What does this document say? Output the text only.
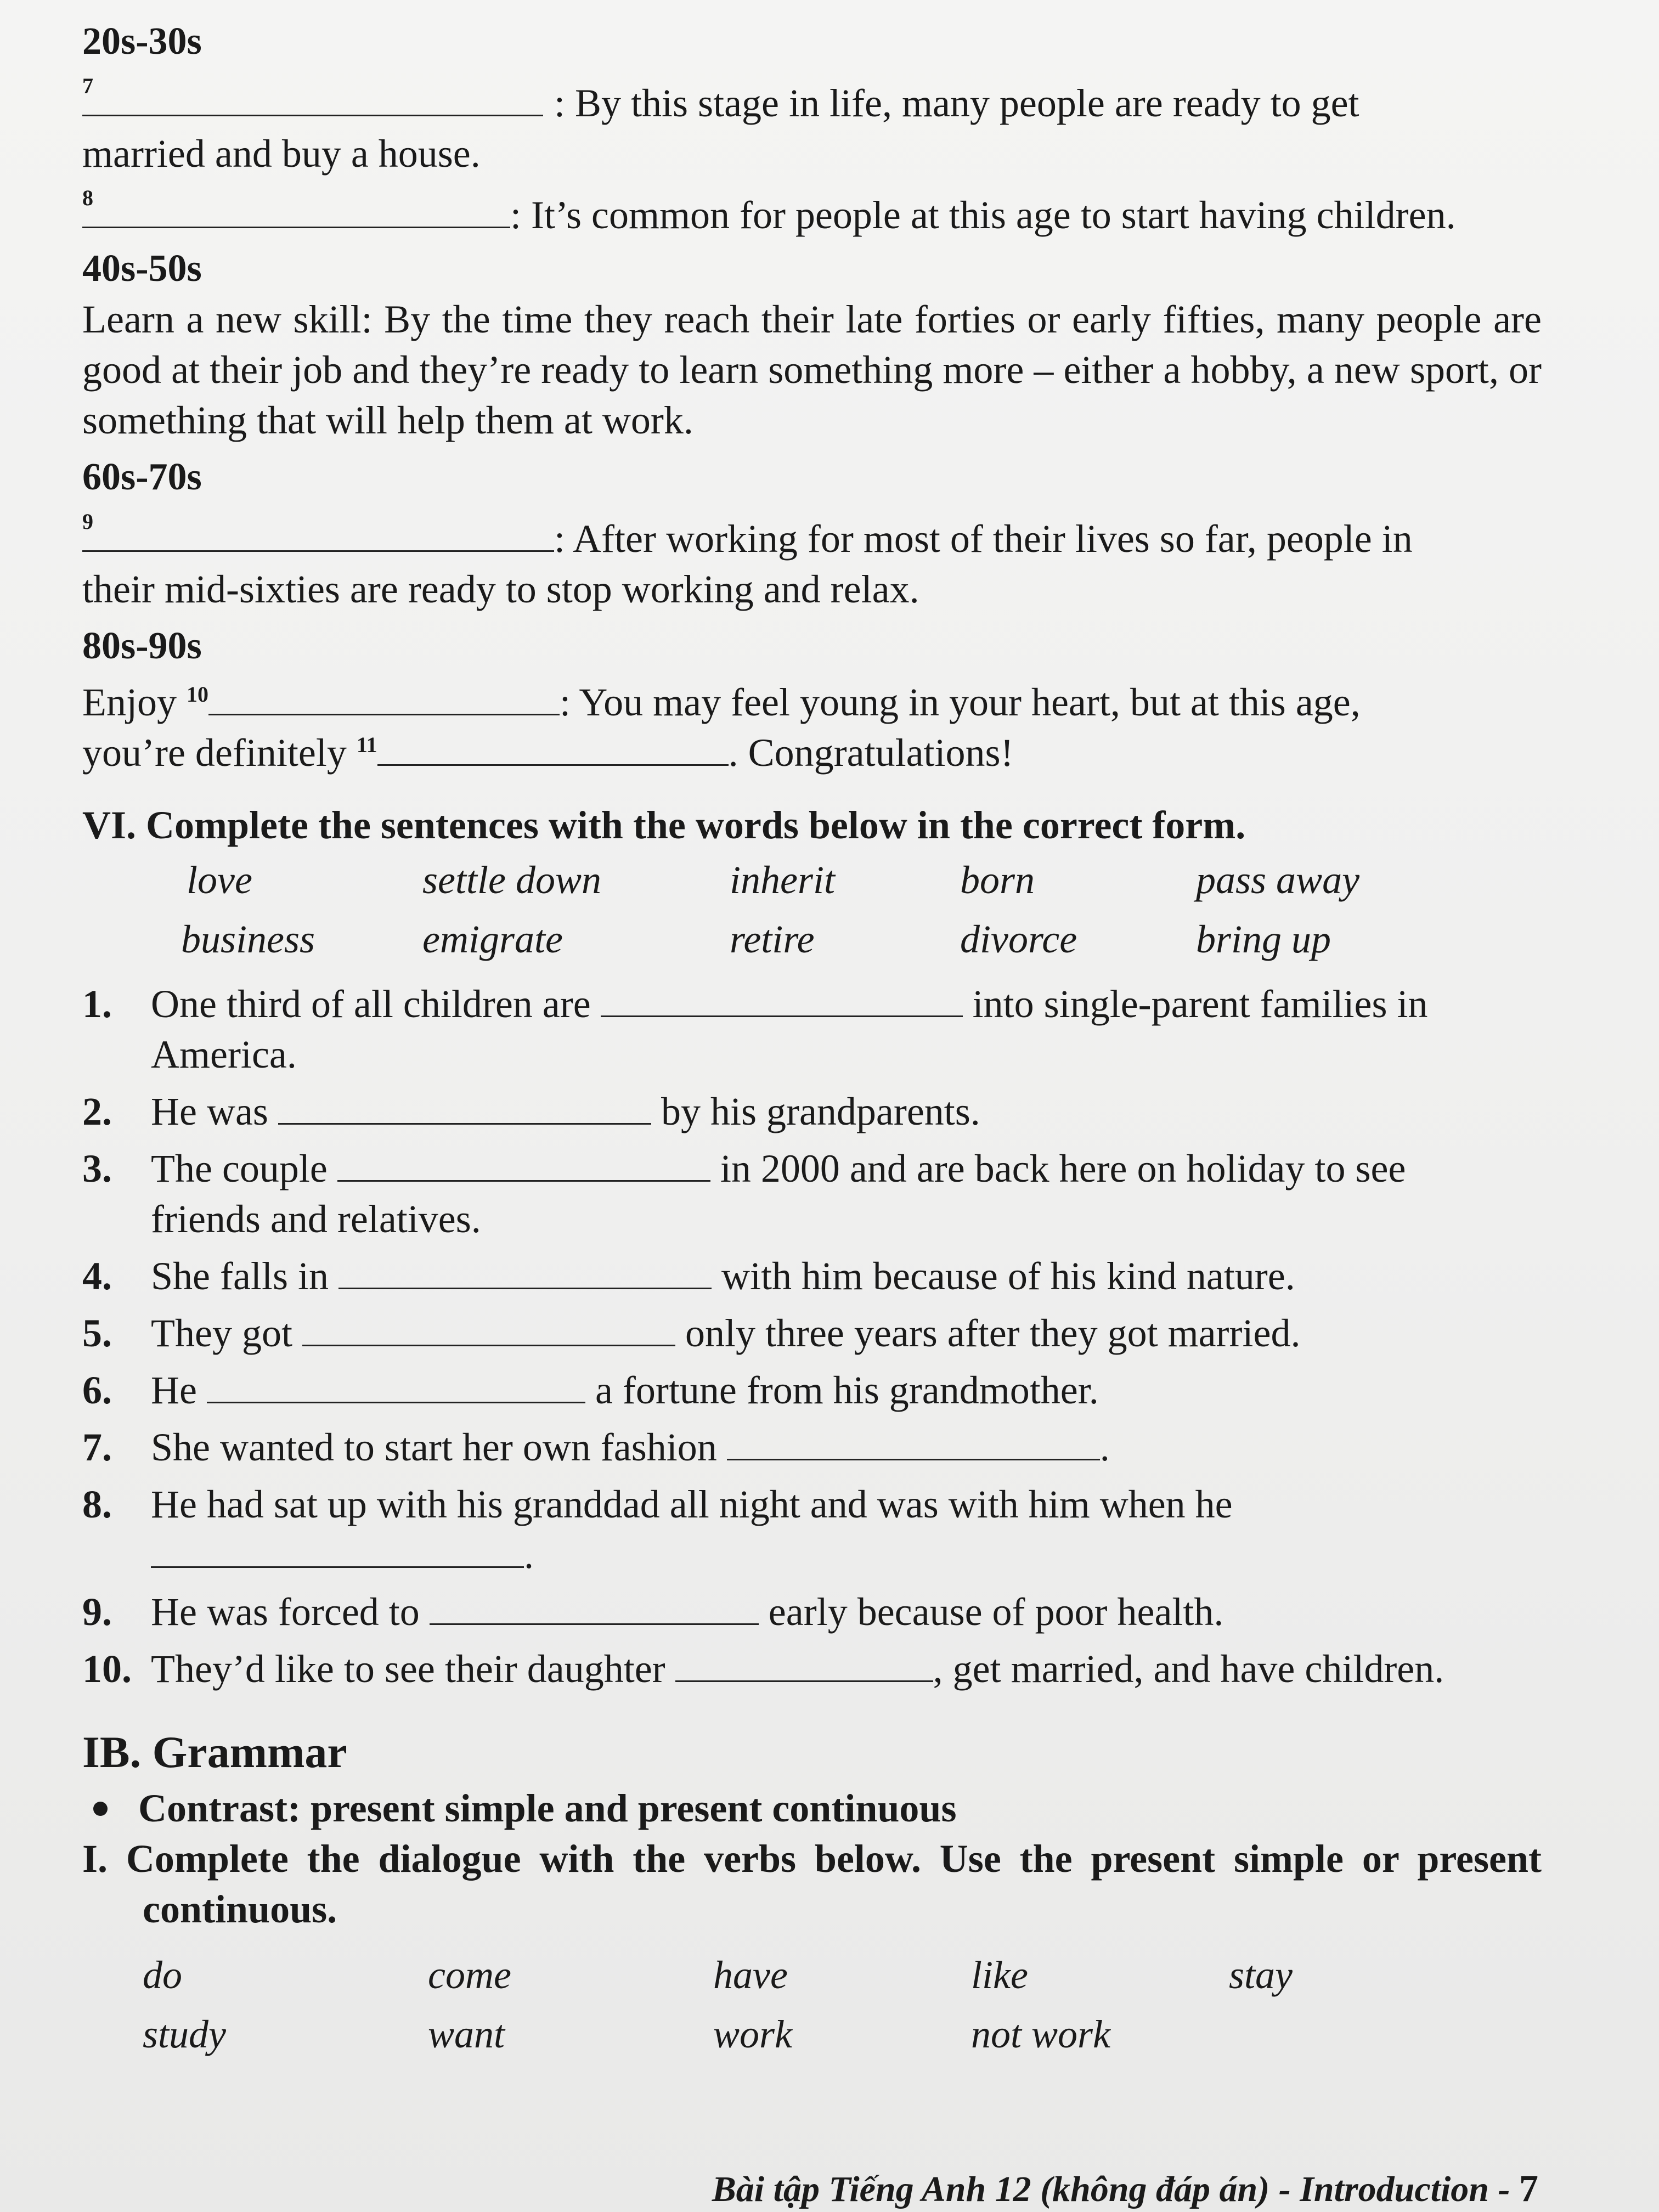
20s-30s

7	: By this stage in life, many people are ready to get

married and buy a house.

8	: It’s common for people at this age to start having children.

40s-50s

Learn a new skill: By the time they reach their late forties or early fifties, many people are good at their job and they’re ready to learn something more – either a hobby, a new sport, or something that will help them at work.

60s-70s

9	: After working for most of their lives so far, people in

their mid-sixties are ready to stop working and relax.

80s-90s

Enjoy $^{10}$	: You may feel young in your heart, but at this age,

you’re definitely $^{11}$	. Congratulations!

VI. Complete the sentences with the words below in the correct form.

love	settle down	inherit	born	pass away
business	emigrate	retire	divorce	bring up
1. One third of all children are	into single-parent families in
America.
2. He was	by his grandparents.
3. The couple	in 2000 and are back here on holiday to see
friends and relatives.
4. She falls in	with him because of his kind nature.
5. They got	only three years after they got married.
6. He	a fortune from his grandmother.
7. She wanted to start her own fashion	.
8. He had sat up with his granddad all night and was with him when he
.
9. He was forced to	early because of poor health.
10. They’d like to see their daughter	, get married, and have children.

IB. Grammar

Contrast: present simple and present continuous

I. Complete the dialogue with the verbs below. Use the present simple or present continuous.

do	come	have	like	stay
study	want	work	not work
Bài tập Tiếng Anh 12 (không đáp án) - Introduction - 7
